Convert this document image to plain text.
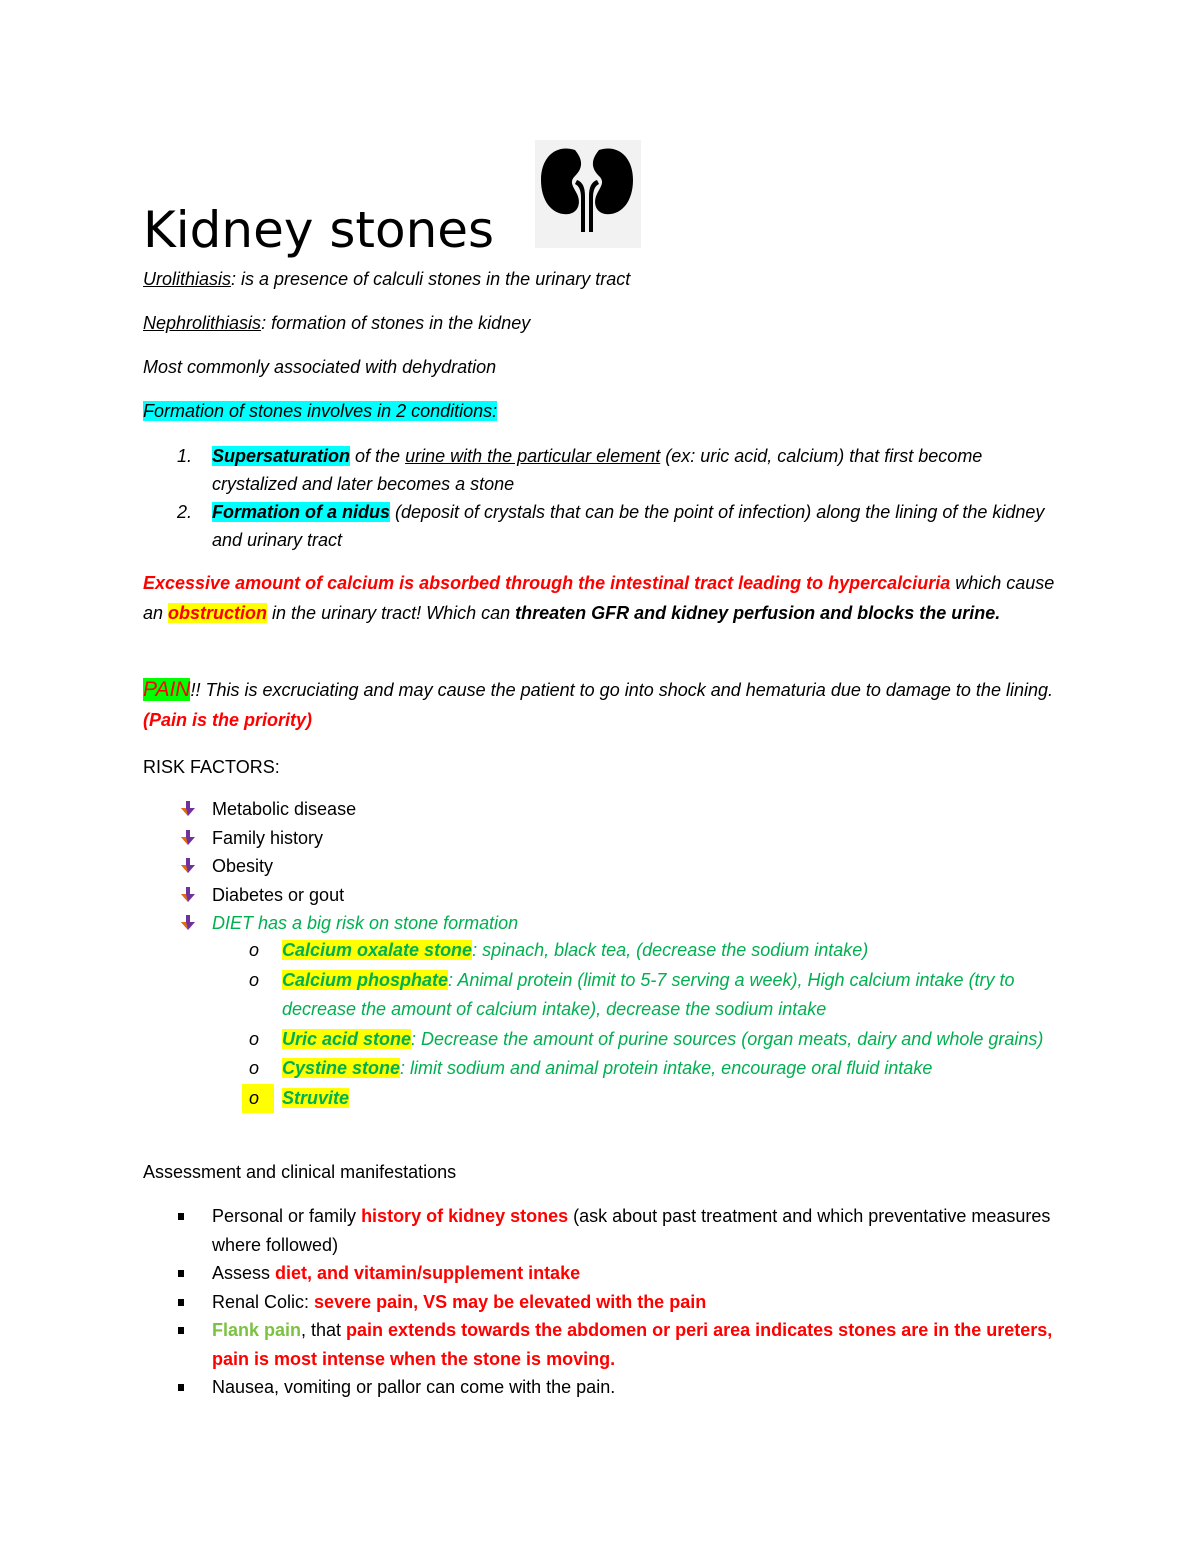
Kidney stones
Urolithiasis: is a presence of calculi stones in the urinary tract
Nephrolithiasis: formation of stones in the kidney
Most commonly associated with dehydration
Formation of stones involves in 2 conditions:
1. Supersaturation of the urine with the particular element (ex: uric acid, calcium) that first become crystalized and later becomes a stone
2. Formation of a nidus (deposit of crystals that can be the point of infection) along the lining of the kidney and urinary tract
Excessive amount of calcium is absorbed through the intestinal tract leading to hypercalciuria which cause an obstruction in the urinary tract! Which can threaten GFR and kidney perfusion and blocks the urine.
PAIN!! This is excruciating and may cause the patient to go into shock and hematuria due to damage to the lining. (Pain is the priority)
RISK FACTORS:
Metabolic disease
Family history
Obesity
Diabetes or gout
DIET has a big risk on stone formation
o Calcium oxalate stone: spinach, black tea, (decrease the sodium intake)
o Calcium phosphate: Animal protein (limit to 5-7 serving a week), High calcium intake (try to decrease the amount of calcium intake), decrease the sodium intake
o Uric acid stone: Decrease the amount of purine sources (organ meats, dairy and whole grains)
o Cystine stone: limit sodium and animal protein intake, encourage oral fluid intake
o	Struvite
Assessment and clinical manifestations
Personal or family history of kidney stones (ask about past treatment and which preventative measures where followed)
Assess diet, and vitamin/supplement intake
Renal Colic: severe pain, VS may be elevated with the pain
Flank pain, that pain extends towards the abdomen or peri area indicates stones are in the ureters, pain is most intense when the stone is moving.
Nausea, vomiting or pallor can come with the pain.
